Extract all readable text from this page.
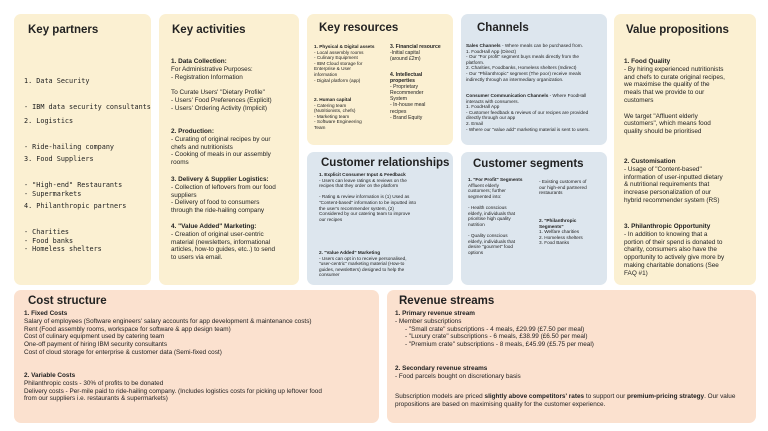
Key partners

1. Data Security

- IBM data security consultants

2. Logistics

- Ride-hailing company

3. Food Suppliers

- "High-end" Restaurants
- Supermarkets

4. Philanthropic partners

- Charities
- Food banks
- Homeless shelters

Key activities
1. Data Collection:
For Administrative Purposes:
- Registration Information

To Curate Users' "Dietary Profile"
- Users' Food Preferences (Explicit)
- Users' Ordering Activity (Implicit)
2. Production:
- Curating of original recipes by our
chefs and nutritionists
- Cooking of meals in our assembly
rooms
3. Delivery & Supplier Logistics:
- Collection of leftovers from our food
suppliers
- Delivery of food to consumers
through the ride-hailing company
4. "Value Added" Marketing:
- Creation of original user-centric
material (newsletters, informational
articles, how-to guides, etc..) to send
to users via email.
Key resources
1. Physical & Digital assets
- Local assembly rooms
- Culinary Equipment
- IBM Cloud storage for
Enterprise & User
information
- Digital platform (app)
2. Human capital
- Catering team
(Nutritionists, chefs)
- Marketing team
- Software Engineering
Team
3. Financial resource
-Initial capital
(around £2m)
4. Intellectual
properties
- Proprietary
Recommender
System
- In-house meal
recipes
- Brand Equity
Channels
Sales Channels - Where meals can be purchased from.
1. FoodHall App (Direct)
- Our "For profit" segment buys meals directly from the
platform.
2. Charities, Foodbanks, Homeless shelters (Indirect)
- Our "Philanthropic" segment (The poor) receive meals
indirectly through an intermediary organization.
Consumer Communication Channels - Where FoodHall
interacts with consumers.
1. FoodHall App
- Customer feedback & reviews of our recipes are provided
directly through our app
2. Email
- Where our "value add" marketing material is sent to users.
Value propositions
1. Food Quality
- By hiring experienced nutritionists
and chefs to curate original recipes,
we maximise the quality of the
meals that we provide to our
customers

We target "Affluent elderly
customers", which means food
quality should be prioritised
2. Customisation
- Usage of "Content-based"
information of user-inputted dietary
& nutritional requirements that
increase personalization of our
hybrid recommender system (RS)
3. Philanthropic Opportunity
- In addition to knowing that a
portion of their spend is donated to
charity, consumers also have the
opportunity to actively give more by
making charitable donations (See
FAQ #1)
Customer relationships
1. Explicit Consumer Input & Feedback
- Users can leave ratings & reviews on the
recipes that they order on the platform

- Rating & review information is (1) Used as
"Content-based" information to be inputted into
the user's recommender system, (2)
Considered by our catering team to improve
our recipes
2. "Value Added" Marketing
- Users can opt in to receive personalised,
"user-centric" marketing material (How-to
guides, newsletters) designed to help the
consumer
Customer segments
1. "For Profit" Segments
Affluent elderly
customers; further
segmented into:

- Health conscious
elderly, individuals that
prioritise high quality
nutrition

- Quality conscious
elderly, individuals that
desire "gourmet" food
options
- Existing customers of
our high-end partnered
restaurants
2. "Philanthropic
Segments"
1. Welfare charities
2. Homeless shelters
3. Food Banks
Cost structure
1. Fixed Costs
Salary of employees (Software engineers' salary accounts for app development & maintenance costs)
Rent (Food assembly rooms, workspace for software & app design team)
Cost of culinary equipment used by catering team
One-off payment of hiring IBM security consultants
Cost of cloud storage for enterprise & customer data (Semi-fixed cost)
2. Variable Costs
Philanthropic costs - 30% of profits to be donated
Delivery costs - Per-mile paid to ride-hailing company. (Includes logistics costs for picking up leftover food
from our suppliers i.e. restaurants & supermarkets)
Revenue streams
1. Primary revenue stream
- Member subscriptions
- "Small crate" subscriptions - 4 meals, £29.99 (£7.50 per meal)
- "Luxury crate" subscriptions - 6 meals, £38.99 (£6.50 per meal)
- "Premium crate" subscriptions - 8 meals, £45.99 (£5.75 per meal)
2. Secondary revenue streams
- Food parcels bought on discretionary basis
Subscription models are priced slightly above competitors' rates to support our premium-pricing strategy. Our value propositions are based on maximising quality for the customer experience.
